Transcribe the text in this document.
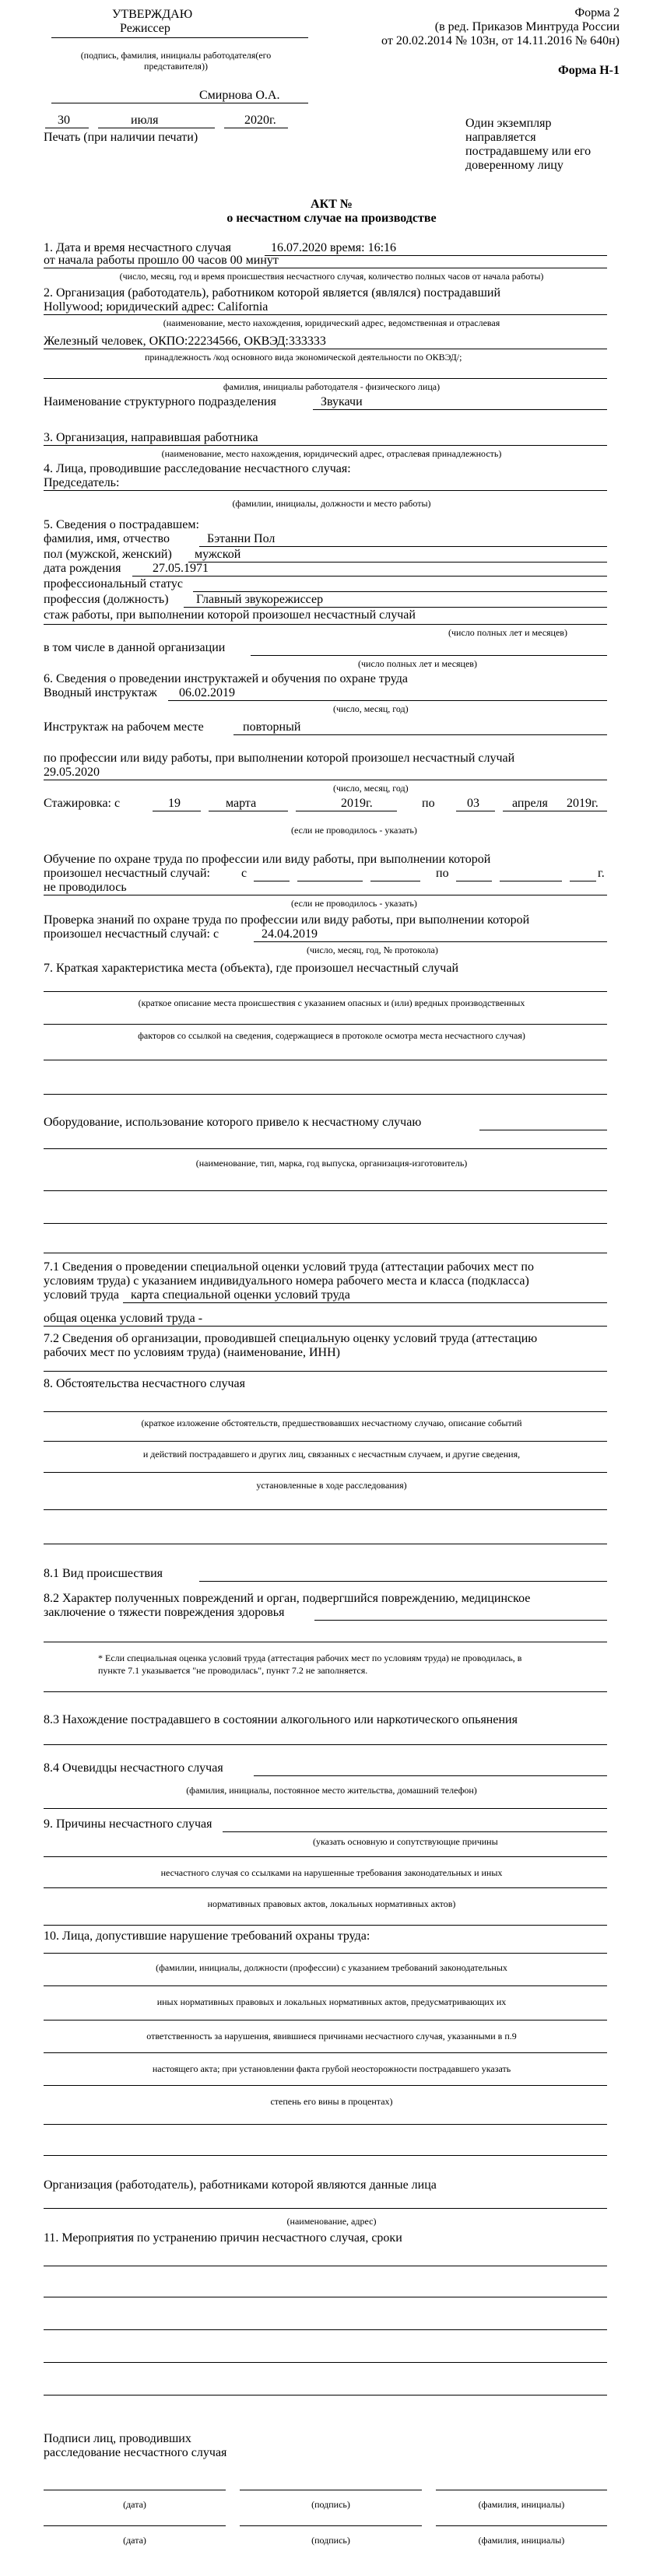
УТВЕРЖДАЮ
Режиссер
(подпись, фамилия, инициалы работодателя(его
представителя))
Смирнова О.А.
30	июля	2020г.
Печать (при наличии печати)
Форма 2
(в ред. Приказов Минтруда России
от 20.02.2014 № 103н, от 14.11.2016 № 640н)
Форма Н-1
Один экземпляр
направляется
пострадавшему или его
доверенному лицу
АКТ №
о несчастном случае на производстве
1. Дата и время несчастного случая	16.07.2020 время: 16:16
от начала работы прошло 00 часов 00 минут
(число, месяц, год и время происшествия несчастного случая, количество полных часов от начала работы)
2. Организация (работодатель), работником которой является (являлся) пострадавший
Hollywood; юридический адрес: California
(наименование, место нахождения, юридический адрес, ведомственная и отраслевая
Железный человек, ОКПО:22234566, ОКВЭД:333333
принадлежность /код основного вида экономической деятельности по ОКВЭД/;
фамилия, инициалы работодателя - физического лица)
Наименование структурного подразделения	Звукачи
3. Организация, направившая работника
(наименование, место нахождения, юридический адрес, отраслевая принадлежность)
4. Лица, проводившие расследование несчастного случая:
Председатель:
(фамилии, инициалы, должности и место работы)
5. Сведения о пострадавшем:
фамилия, имя, отчество	Бэтанни Пол
пол (мужской, женский) мужской
дата рождения	27.05.1971
профессиональный статус
профессия (должность) Главный звукорежиссер
стаж работы, при выполнении которой произошел несчастный случай
(число полных лет и месяцев)
в том числе в данной организации
(число полных лет и месяцев)
6. Сведения о проведении инструктажей и обучения по охране труда
Вводный инструктаж 06.02.2019
(число, месяц, год)
Инструктаж на рабочем месте	повторный
по профессии или виду работы, при выполнении которой произошел несчастный случай
29.05.2020
(число, месяц, год)
Стажировка: с	19	марта	2019г.	по	03	апреля 2019г.
(если не проводилось - указать)
Обучение по охране труда по профессии или виду работы, при выполнении которой
произошел несчастный случай:	с	по	г.
не проводилось
(если не проводилось - указать)
Проверка знаний по охране труда по профессии или виду работы, при выполнении которой
произошел несчастный случай: с	24.04.2019
(число, месяц, год, № протокола)
7. Краткая характеристика места (объекта), где произошел несчастный случай
(краткое описание места происшествия с указанием опасных и (или) вредных производственных
факторов со ссылкой на сведения, содержащиеся в протоколе осмотра места несчастного случая)
Оборудование, использование которого привело к несчастному случаю
(наименование, тип, марка, год выпуска, организация-изготовитель)
7.1 Сведения о проведении специальной оценки условий труда (аттестации рабочих мест по
условиям труда) с указанием индивидуального номера рабочего места и класса (подкласса)
условий труда карта специальной оценки условий труда
общая оценка условий труда -
7.2 Сведения об организации, проводившей специальную оценку условий труда (аттестацию
рабочих мест по условиям труда) (наименование, ИНН)
8. Обстоятельства несчастного случая
(краткое изложение обстоятельств, предшествовавших несчастному случаю, описание событий
и действий пострадавшего и других лиц, связанных с несчастным случаем, и другие сведения,
установленные в ходе расследования)
8.1 Вид происшествия
8.2 Характер полученных повреждений и орган, подвергшийся повреждению, медицинское
заключение о тяжести повреждения здоровья
* Если специальная оценка условий труда (аттестация рабочих мест по условиям труда) не проводилась, в
пункте 7.1 указывается "не проводилась", пункт 7.2 не заполняется.
8.3 Нахождение пострадавшего в состоянии алкогольного или наркотического опьянения
8.4 Очевидцы несчастного случая
(фамилия, инициалы, постоянное место жительства, домашний телефон)
9. Причины несчастного случая
(указать основную и сопутствующие причины
несчастного случая со ссылками на нарушенные требования законодательных и иных
нормативных правовых актов, локальных нормативных актов)
10. Лица, допустившие нарушение требований охраны труда:
(фамилии, инициалы, должности (профессии) с указанием требований законодательных
иных нормативных правовых и локальных нормативных актов, предусматривающих их
ответственность за нарушения, явившиеся причинами несчастного случая, указанными в п.9
настоящего акта; при установлении факта грубой неосторожности пострадавшего указать
степень его вины в процентах)
Организация (работодатель), работниками которой являются данные лица
(наименование, адрес)
11. Мероприятия по устранению причин несчастного случая, сроки
Подписи лиц, проводивших
расследование несчастного случая
(дата)	(подпись)	(фамилия, инициалы)
(дата)	(подпись)	(фамилия, инициалы)
